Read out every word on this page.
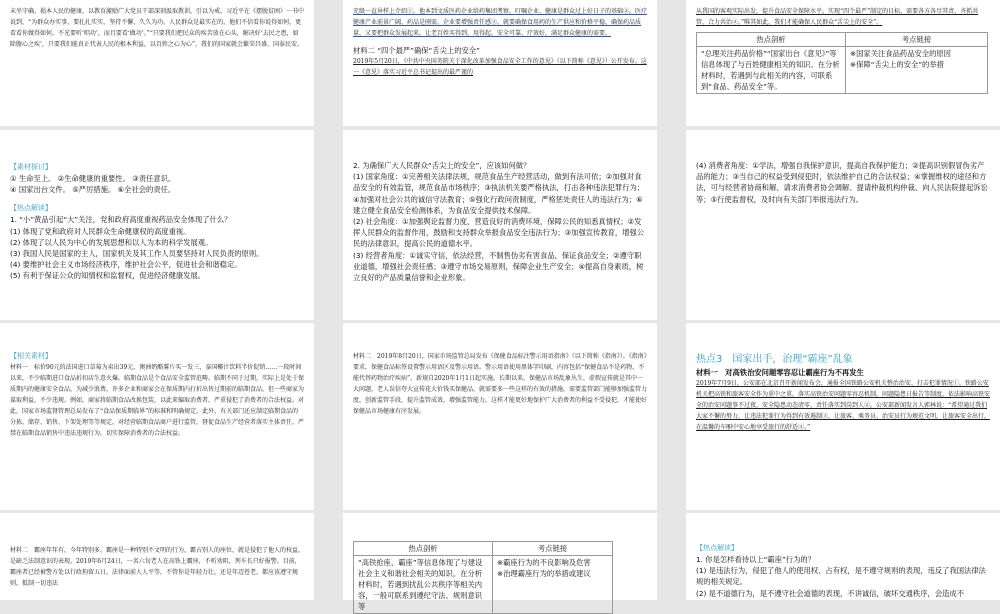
未坐守确、损本人民的健康，以教育激励广大党员干部深刻汲取教训，引以为戒。习近平在《摆脱贫困》一书中说到，“为群众办实事，要扎扎实实，坚持不懈，久久为功。人民群众是最实在的，他们不信看你说得如何，更看看你做得如何。不光要听‘唱功’，而且要看‘做功’。”“只要我们把民众的疾苦放在心头，解决好‘去民之患，如除腹心之疾’，只要我们能真正代表人民的根本利益，以百姓之心为心”，我们的国家就会繁荣昌盛、国泰民安。

充级一直异样上介绍①。他本到文质医药企业给药集团考察，叮嘱企业，健康是群众过上好日子的基础②。医疗健康产业前景广阔，药品是刚需，企业要增强责任感③，就要确保食用药的生产供应和价格平稳，确保药品质量，又要把群众发展起来，让老百姓买得到、用得起、安全可靠、疗效好，满足群众健康的需要。

材料二 “四个最严”确保“舌尖上的安全”

2019年5月20日，《中共中央国务院关于深化改革加强食品安全工作的意见》（以下简称《意见》）公开发布。这一《意见》落实习近平总书记提出的最严谨的

从我国的客观实际出发，提升食品安全保障水平。实现“四个最严”制定的目标，需要各方各尽其责、齐抓共管、合力共治④。”唯其如此，我们才能确保人民群众“舌尖上的安全”。

热点剖析	考点链接
“总理关注药品价格”“国家出台《意见》”等信息体现了与百姓健康相关的知识。在分析材料时，若遇到与此相关的内容，可联系到“食品、药品安全”等。	※国家关注食品药品安全的原因
※保障“舌尖上的安全”的举措
【素材探讨】
① 生命至上。 ②生命健康的重要性。 ③责任意识。
④ 国家出台文件。 ⑤严厉措施。 ⑥全社会的责任。
【热点解读】
1. “小”黄品引起“大”关注，党和政府高度重视药品安全体现了什么？
(1) 体现了党和政府对人民群众生命健康权的高度重视。
(2) 体现了以人民为中心的发展思想和以人为本的科学发展观。
(3) 我国人民是国家的主人，国家机关及其工作人员要坚持对人民负责的原则。
(4) 要维护社会主义市场经济秩序，维护社会公平，促进社会和谐稳定。
(5) 有利于保证公众的知情权和监督权，促进经济健康发展。
2. 为确保广大人民群众“舌尖上的安全”，应该如何做？
(1) 国家角度：①完善相关法律法规，规范食品生产经营活动，做到有法可依；②加强对食品安全的有效监管，规范食品市场秩序；③执法机关要严格执法，打击各种违法犯罪行为；④加强对社会公共的诚信守法教育；⑤强化行政问责制度，严格惩处责任人的违法行为；⑥建立健全食品安全检测体系，为食品安全提供技术保障。
(2) 社会角度：①加强舆论监督力度，营造良好的消费环境，保障公民的知悉真情权；②发挥人民群众的监督作用，鼓励和支持群众举报食品安全违法行为；③加强宣传教育，增强公民的法律意识，提高公民的道德水平。
(3) 经营者角度：①诚实守信，依法经营，不制售伪劣有害食品，保证食品安全；②遵守职业道德，增强社会责任感；③遵守市场交易原则，保障企业生产安全；④提高自身素质，树立良好的产品质量信誉和企业形象。
(4) 消费者角度：①学法，增强自我保护意识，提高自我保护能力；②提高识别假冒伪劣产品的能力；③当自己的权益受到侵犯时，依法维护自己的合法权益；④掌握维权的途径和方法，可与经营者协商和解、请求消费者协会调解、提请仲裁机构仲裁、向人民法院提起诉讼等；⑤行使监督权，及时向有关部门举报违法行为。
【相关素材】

材料一　标价90元的法国进口草莓为卖出39元，澳洲奶酪薯片买一发三，泰国椰汁饮料半价促销……一段时间以来，不少临期进口食品折扣店生意火爆。临期食品是个食品安全监管范畴。临期不同于过期，实际上是处于保质期内的健康安全食品，为减少浪费，许多企业和商家会在保质期内打折出售过期前的临期食品，但一些商家为谋取利益，不少违规。例如，商家将临期食品改换包装，以此来骗取消费者，严重侵犯了消费者的合法权益。对此，国家市场监督管理总局发布了“食品保质期临界”的标准和明确规定。此外，有关部门还应制定临期食品的分拣、储存、销售、下架处理等等规定，对经营临期食品商户进行监管，督促食品生产经营者落实主体责任，严禁在临期食品销售中违法违规行为，切实保障消费者的合法权益。

材料二　2019年8月20日，国家市场监管总局发布《保健食品标注警示用语指南》（以下简称《指南》）。《指南》要求，保健食品标签设置警示用语区及警示用语。警示用语使用黑体字印刷，内容包括“保健食品不是药物，不能代替药物治疗疾病”，新规自2020年1月1日起实施。长期以来，保健品市场乱象丛生，虚假宣传就是其中一大问题，老人误信夸大宣传花大价钱买保健品，就需要多一些这样的有效的措施，需要监管部门能够加强监管力度，创新监管手段，提升监管成效，增强监管能力，这样才能更好地保护广大消费者的利益不受侵犯，才能使好保健品市场健康有序发展。

热点3　国家出手，治理“霸座”乱象
材料一　对高铁治安问题零容忍让霸座行为不再发生

2019年7月9日，公安部在北京召开新闻发布会，通报全国铁路公安机关整治治安、打击犯罪情况①。铁路公安机关把高铁和旅客安全作为重中之重，落实高铁治安问题零容忍机制，问题隐患日报告等制度，依法影响高铁安全的治安问题事不过夜、安全隐患动态清零、责任落实到岗到人②。公安部新闻发言人郭林说：“希望通过我们大家不懈的努力，让违法犯罪行为得到有效遏制③，让旅客、乘务员、治安员行为规范文明，让旅客安全出行，在温馨的车厢中安心地享受旅行的舒适④。”

材料二　霸座年年有，今年特别多。霸座是一种特别不文明的行为，霸占别人的座位，就是侵犯了他人的权益，是缺乏法制意识的表现。2019年6月24日，一名六旬老人在高铁上霸座，不听劝阻，列车长只好报警。目前，霸座者已经被警方处以行政拘留五日。法律面前人人平等，不管你是年轻力壮，还是年迈苍老，都应该遵守规则，抵制一切违法

热点剖析	考点链接
“高铁抢座、霸座”等信息体现了与建设社会主义和谐社会相关的知识。在分析材料时，若遇到扰乱公共秩序等相关内容，一般可联系到遵纪守法、规则意识等	※霸座行为的不良影响及危害
※治理霸座行为的举措或建议
【热点解读】
1. 你是怎样看待以上“霸座”行为的？
(1) 是违法行为，侵犯了他人的使用权、占有权，是不遵守规则的表现，违反了我国法律法规的相关规定。
(2) 是不道德行为，是不遵守社会道德的表现，不讲诚信，破坏交通秩序，会造成不
